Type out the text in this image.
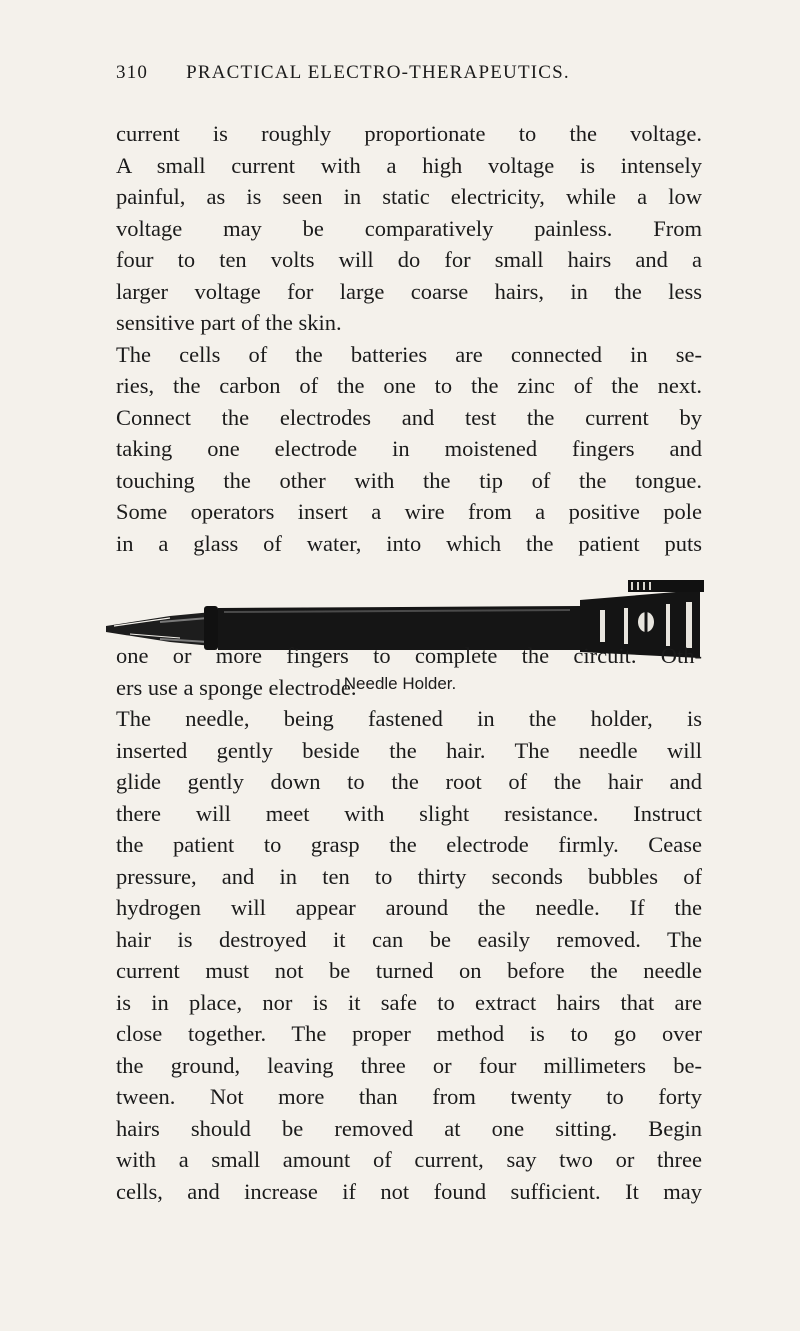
310 PRACTICAL ELECTRO-THERAPEUTICS.
current is roughly proportionate to the voltage.
A small current with a high voltage is intensely
painful, as is seen in static electricity, while a low
voltage may be comparatively painless. From
four to ten volts will do for small hairs and a
larger voltage for large coarse hairs, in the less
sensitive part of the skin.
The cells of the batteries are connected in se-
ries, the carbon of the one to the zinc of the next.
Connect the electrodes and test the current by
taking one electrode in moistened fingers and
touching the other with the tip of the tongue.
Some operators insert a wire from a positive pole
in a glass of water, into which the patient puts
Needle Holder.
one or more fingers to complete the circuit. Oth-
ers use a sponge electrode.
The needle, being fastened in the holder, is
inserted gently beside the hair. The needle will
glide gently down to the root of the hair and
there will meet with slight resistance. Instruct
the patient to grasp the electrode firmly. Cease
pressure, and in ten to thirty seconds bubbles of
hydrogen will appear around the needle. If the
hair is destroyed it can be easily removed. The
current must not be turned on before the needle
is in place, nor is it safe to extract hairs that are
close together. The proper method is to go over
the ground, leaving three or four millimeters be-
tween. Not more than from twenty to forty
hairs should be removed at one sitting. Begin
with a small amount of current, say two or three
cells, and increase if not found sufficient. It may
